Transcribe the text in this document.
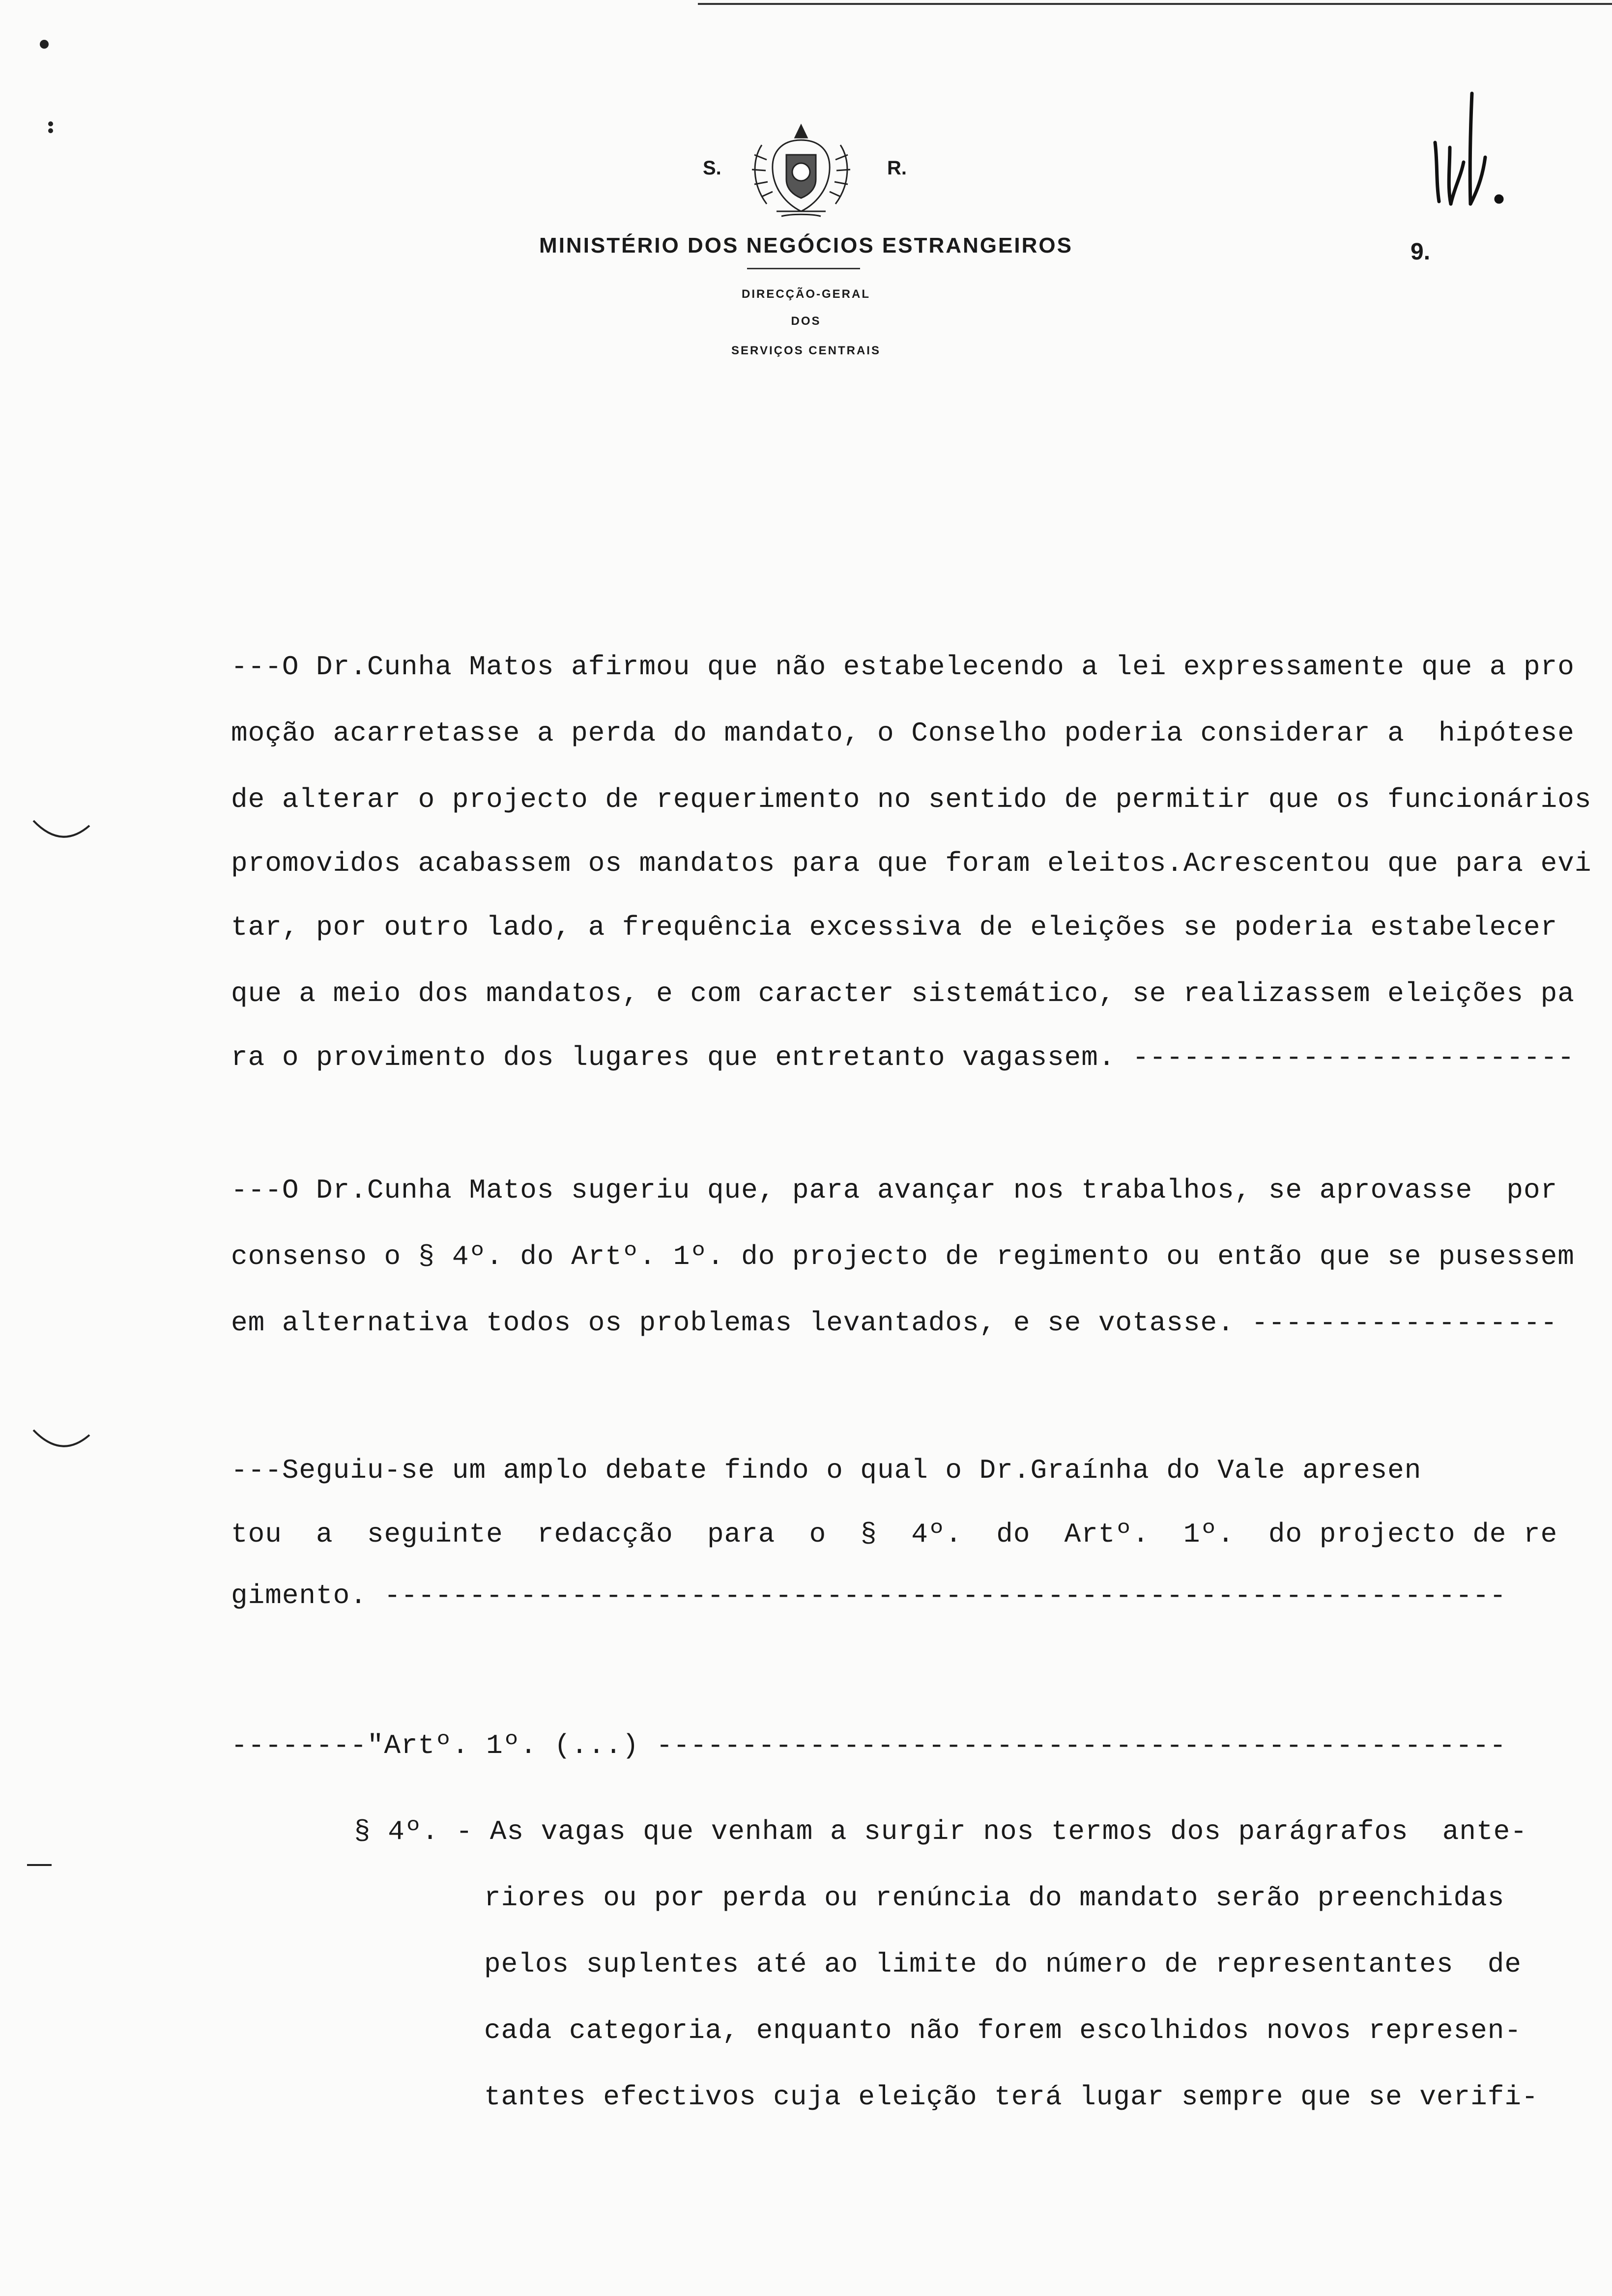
S.	R.
MINISTÉRIO DOS NEGÓCIOS ESTRANGEIROS
DIRECÇÃO-GERAL
DOS
SERVIÇOS CENTRAIS
9.
---O Dr.Cunha Matos afirmou que não estabelecendo a lei expressamente que a pro
moção acarretasse a perda do mandato, o Conselho poderia considerar a  hipótese
de alterar o projecto de requerimento no sentido de permitir que os funcionários
promovidos acabassem os mandatos para que foram eleitos.Acrescentou que para evi
tar, por outro lado, a frequência excessiva de eleições se poderia estabelecer
que a meio dos mandatos, e com caracter sistemático, se realizassem eleições pa
ra o provimento dos lugares que entretanto vagassem. --------------------------
---O Dr.Cunha Matos sugeriu que, para avançar nos trabalhos, se aprovasse  por
consenso o § 4º. do Artº. 1º. do projecto de regimento ou então que se pusessem
em alternativa todos os problemas levantados, e se votasse. ------------------
---Seguiu-se um amplo debate findo o qual o Dr.Graínha do Vale apresen
tou  a  seguinte  redacção  para  o  §  4º.  do  Artº.  1º.  do projecto de re
gimento. ------------------------------------------------------------------
--------"Artº. 1º. (...) --------------------------------------------------
§ 4º. - As vagas que venham a surgir nos termos dos parágrafos  ante-
riores ou por perda ou renúncia do mandato serão preenchidas
pelos suplentes até ao limite do número de representantes  de
cada categoria, enquanto não forem escolhidos novos represen-
tantes efectivos cuja eleição terá lugar sempre que se verifi-
